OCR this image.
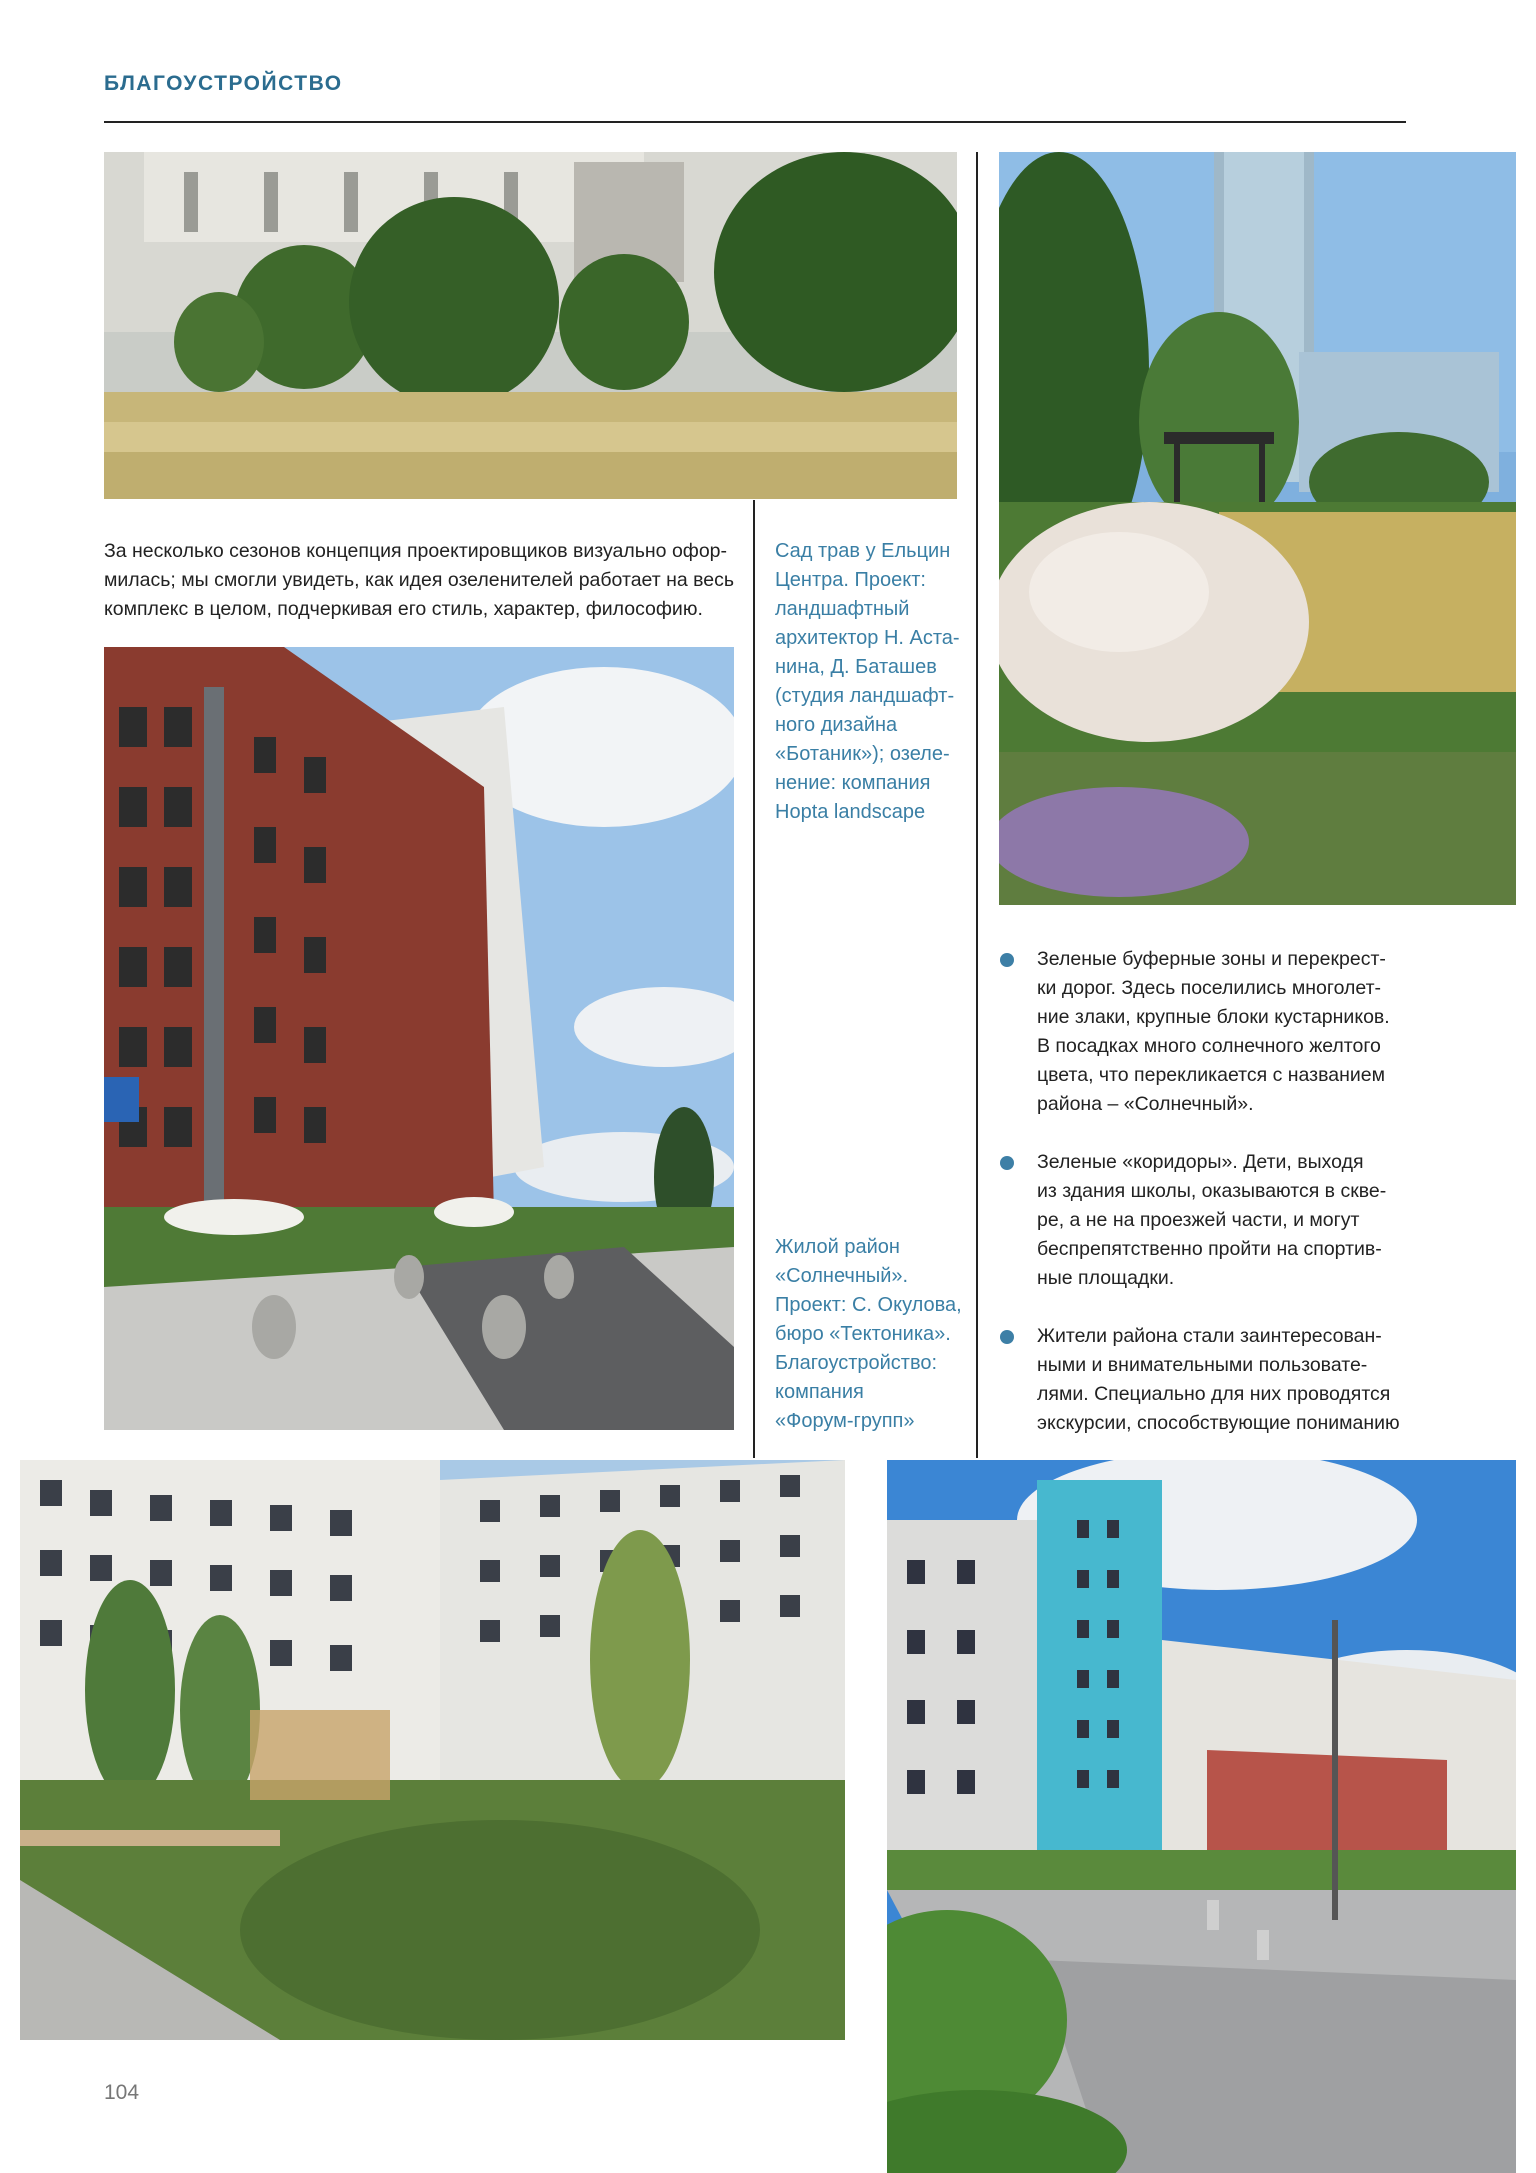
БЛАГОУСТРОЙСТВО
За несколько сезонов концепция проектировщиков визуально офор-
милась; мы смогли увидеть, как идея озеленителей работает на весь
комплекс в целом, подчеркивая его стиль, характер, философию.
Сад трав у Ельцин
Центра. Проект:
ландшафтный
архитектор Н. Аста-
нина, Д. Баташев
(студия ландшафт-
ного дизайна
«Ботаник»); озеле-
нение: компания
Hopta landscape
Зеленые буферные зоны и перекрест-
ки дорог. Здесь поселились многолет-
ние злаки, крупные блоки кустарников.
В посадках много солнечного желтого
цвета, что перекликается с названием
района – «Солнечный».
Зеленые «коридоры». Дети, выходя
из здания школы, оказываются в скве-
ре, а не на проезжей части, и могут
беспрепятственно пройти на спортив-
ные площадки.
Жители района стали заинтересован-
ными и внимательными пользовате-
лями. Специально для них проводятся
экскурсии, способствующие пониманию
Жилой район
«Солнечный».
Проект: С. Окулова,
бюро «Тектоника».
Благоустройство:
компания
«Форум-групп»
104
